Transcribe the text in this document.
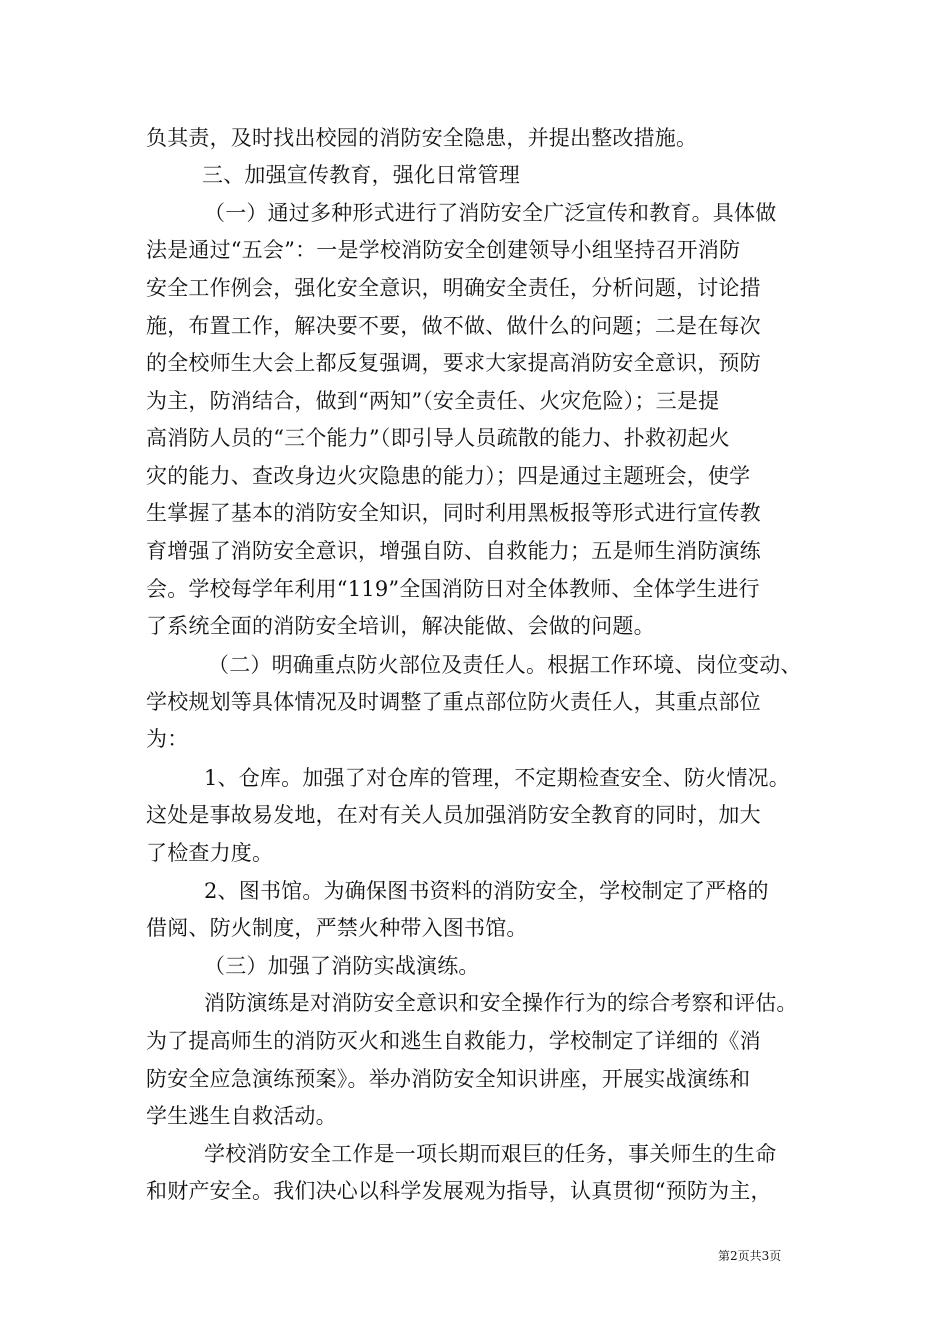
负其责，及时找出校园的消防安全隐患，并提出整改措施。
三、加强宣传教育，强化日常管理
（一）通过多种形式进行了消防安全广泛宣传和教育。具体做
法是通过“五会”：一是学校消防安全创建领导小组坚持召开消防
安全工作例会，强化安全意识，明确安全责任，分析问题，讨论措
施，布置工作，解决要不要，做不做、做什么的问题；二是在每次
的全校师生大会上都反复强调，要求大家提高消防安全意识，预防
为主，防消结合，做到“两知”（安全责任、火灾危险）；三是提
高消防人员的“三个能力”（即引导人员疏散的能力、扑救初起火
灾的能力、查改身边火灾隐患的能力）；四是通过主题班会，使学
生掌握了基本的消防安全知识，同时利用黑板报等形式进行宣传教
育增强了消防安全意识，增强自防、自救能力；五是师生消防演练
会。学校每学年利用“119”全国消防日对全体教师、全体学生进行
了系统全面的消防安全培训，解决能做、会做的问题。
（二）明确重点防火部位及责任人。根据工作环境、岗位变动、
学校规划等具体情况及时调整了重点部位防火责任人，其重点部位
为：
1、仓库。加强了对仓库的管理，不定期检查安全、防火情况。
这处是事故易发地，在对有关人员加强消防安全教育的同时，加大
了检查力度。
2、图书馆。为确保图书资料的消防安全，学校制定了严格的
借阅、防火制度，严禁火种带入图书馆。
（三）加强了消防实战演练。
消防演练是对消防安全意识和安全操作行为的综合考察和评估。
为了提高师生的消防灭火和逃生自救能力，学校制定了详细的《消
防安全应急演练预案》。举办消防安全知识讲座，开展实战演练和
学生逃生自救活动。
学校消防安全工作是一项长期而艰巨的任务，事关师生的生命
和财产安全。我们决心以科学发展观为指导，认真贯彻“预防为主，
第2页共3页
